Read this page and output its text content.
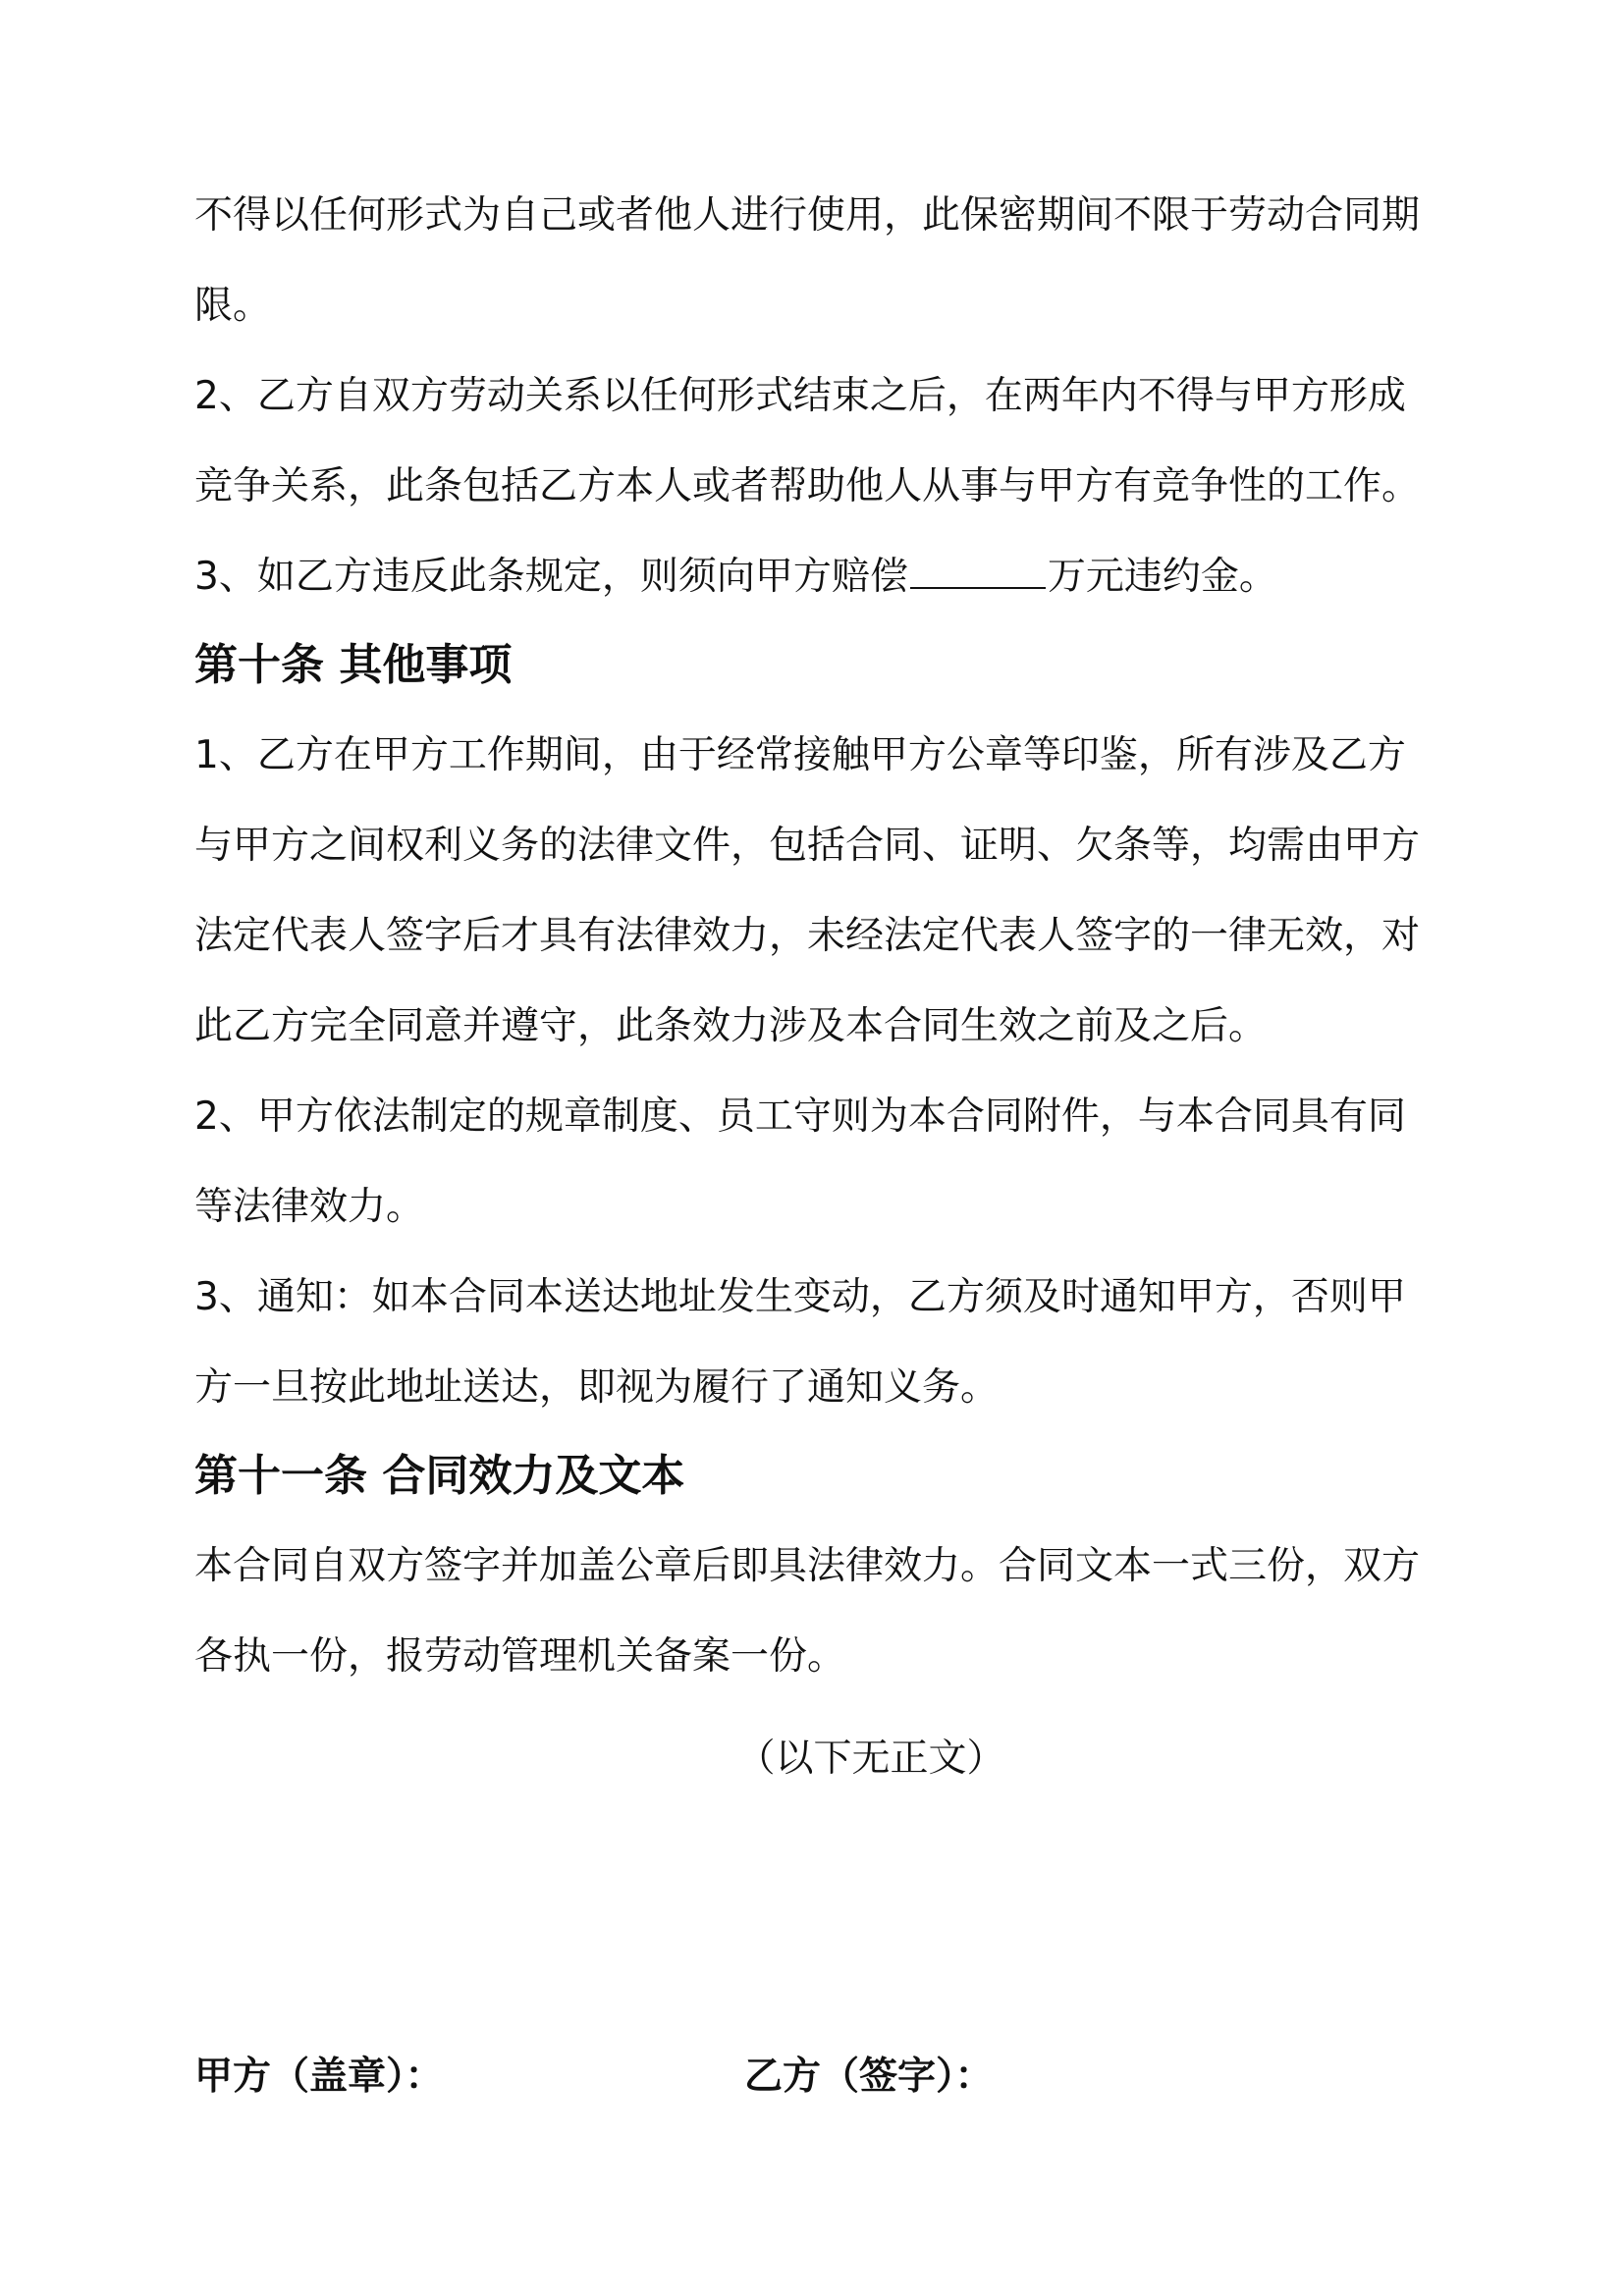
不得以任何形式为自己或者他人进行使用，此保密期间不限于劳动合同期
限。
2、乙方自双方劳动关系以任何形式结束之后，在两年内不得与甲方形成
竞争关系，此条包括乙方本人或者帮助他人从事与甲方有竞争性的工作。
3、如乙方违反此条规定，则须向甲方赔偿	万元违约金。
第十条 其他事项
1、乙方在甲方工作期间，由于经常接触甲方公章等印鉴，所有涉及乙方
与甲方之间权利义务的法律文件，包括合同、证明、欠条等，均需由甲方
法定代表人签字后才具有法律效力，未经法定代表人签字的一律无效，对
此乙方完全同意并遵守，此条效力涉及本合同生效之前及之后。
2、甲方依法制定的规章制度、员工守则为本合同附件，与本合同具有同
等法律效力。
3、通知：如本合同本送达地址发生变动，乙方须及时通知甲方，否则甲
方一旦按此地址送达，即视为履行了通知义务。
第十一条 合同效力及文本
本合同自双方签字并加盖公章后即具法律效力。合同文本一式三份，双方
各执一份，报劳动管理机关备案一份。
（以下无正文）
甲方（盖章）：	乙方（签字）：
